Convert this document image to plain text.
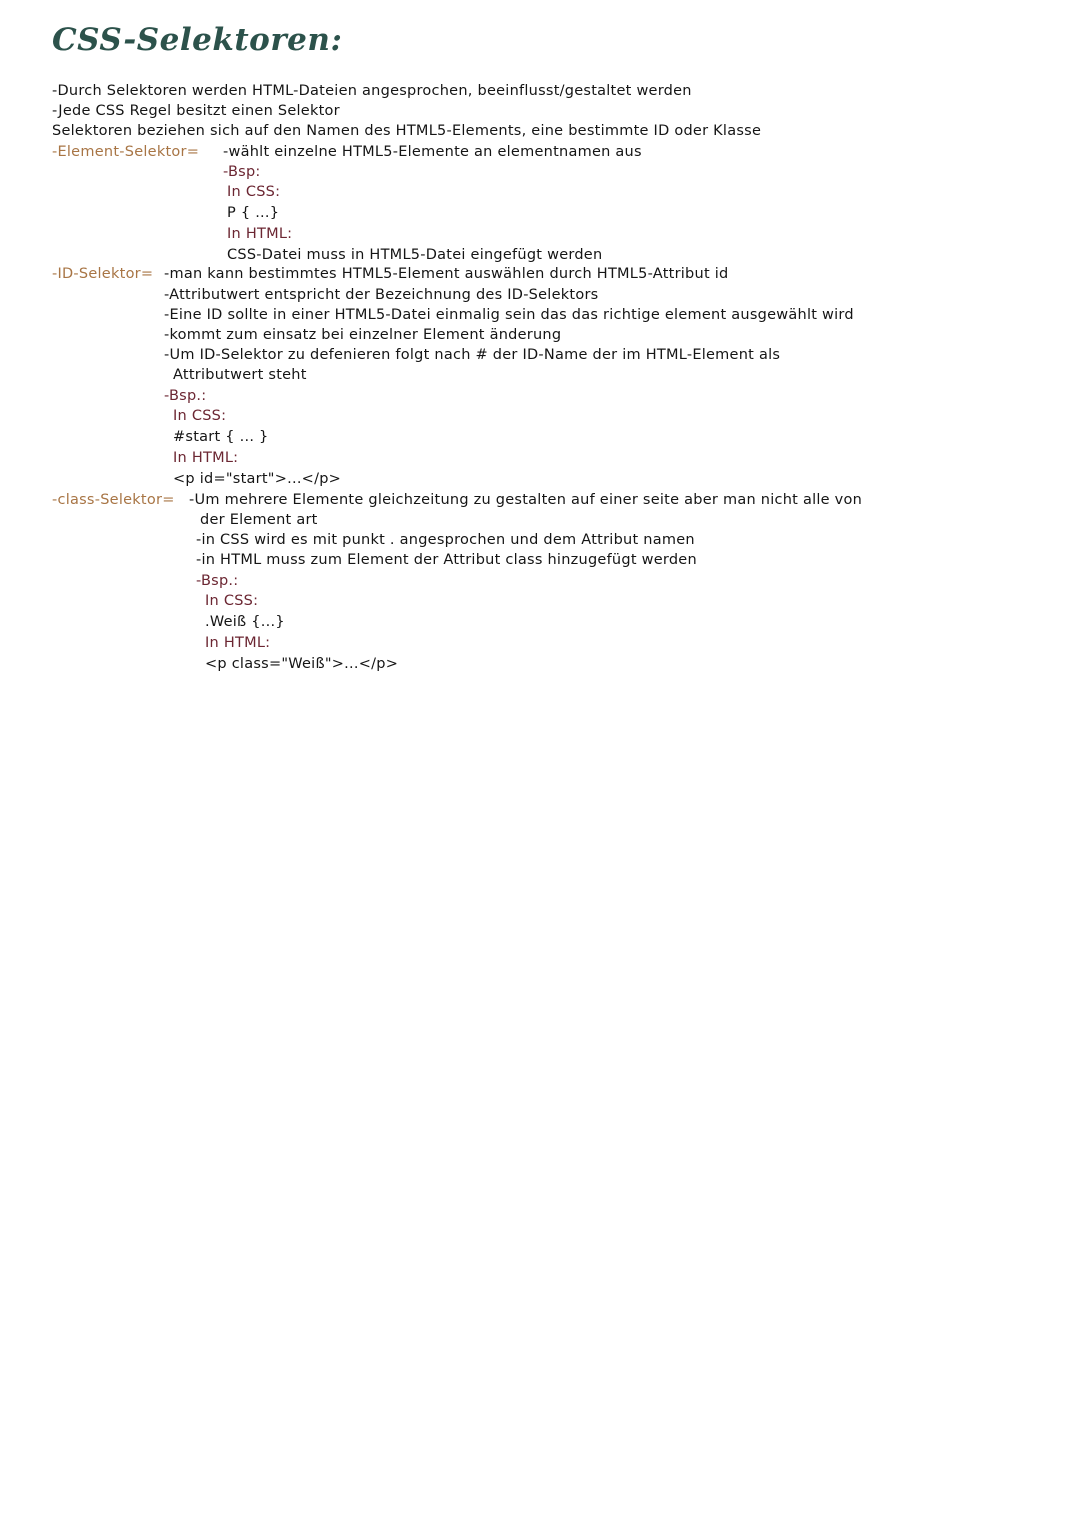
CSS-Selektoren:
-Durch Selektoren werden HTML-Dateien angesprochen, beeinflusst/gestaltet werden
-Jede CSS Regel besitzt einen Selektor
Selektoren beziehen sich auf den Namen des HTML5-Elements, eine bestimmte ID oder Klasse
-Element-Selektor= -wählt einzelne HTML5-Elemente an elementnamen aus
-Bsp:
In CSS:
P { ...}
In HTML:
CSS-Datei muss in HTML5-Datei eingefügt werden
-ID-Selektor= -man kann bestimmtes HTML5-Element auswählen durch HTML5-Attribut id
-Attributwert entspricht der Bezeichnung des ID-Selektors
-Eine ID sollte in einer HTML5-Datei einmalig sein das das richtige element ausgewählt wird
-kommt zum einsatz bei einzelner Element änderung
-Um ID-Selektor zu defenieren folgt nach # der ID-Name der im HTML-Element als
Attributwert steht
-Bsp.:
In CSS:
#start { ... }
In HTML:
<p id="start">...</p>
-class-Selektor= -Um mehrere Elemente gleichzeitung zu gestalten auf einer seite aber man nicht alle von
der Element art
-in CSS wird es mit punkt . angesprochen und dem Attribut namen
-in HTML muss zum Element der Attribut class hinzugefügt werden
-Bsp.:
In CSS:
.Weiß {...}
In HTML:
<p class="Weiß">...</p>
